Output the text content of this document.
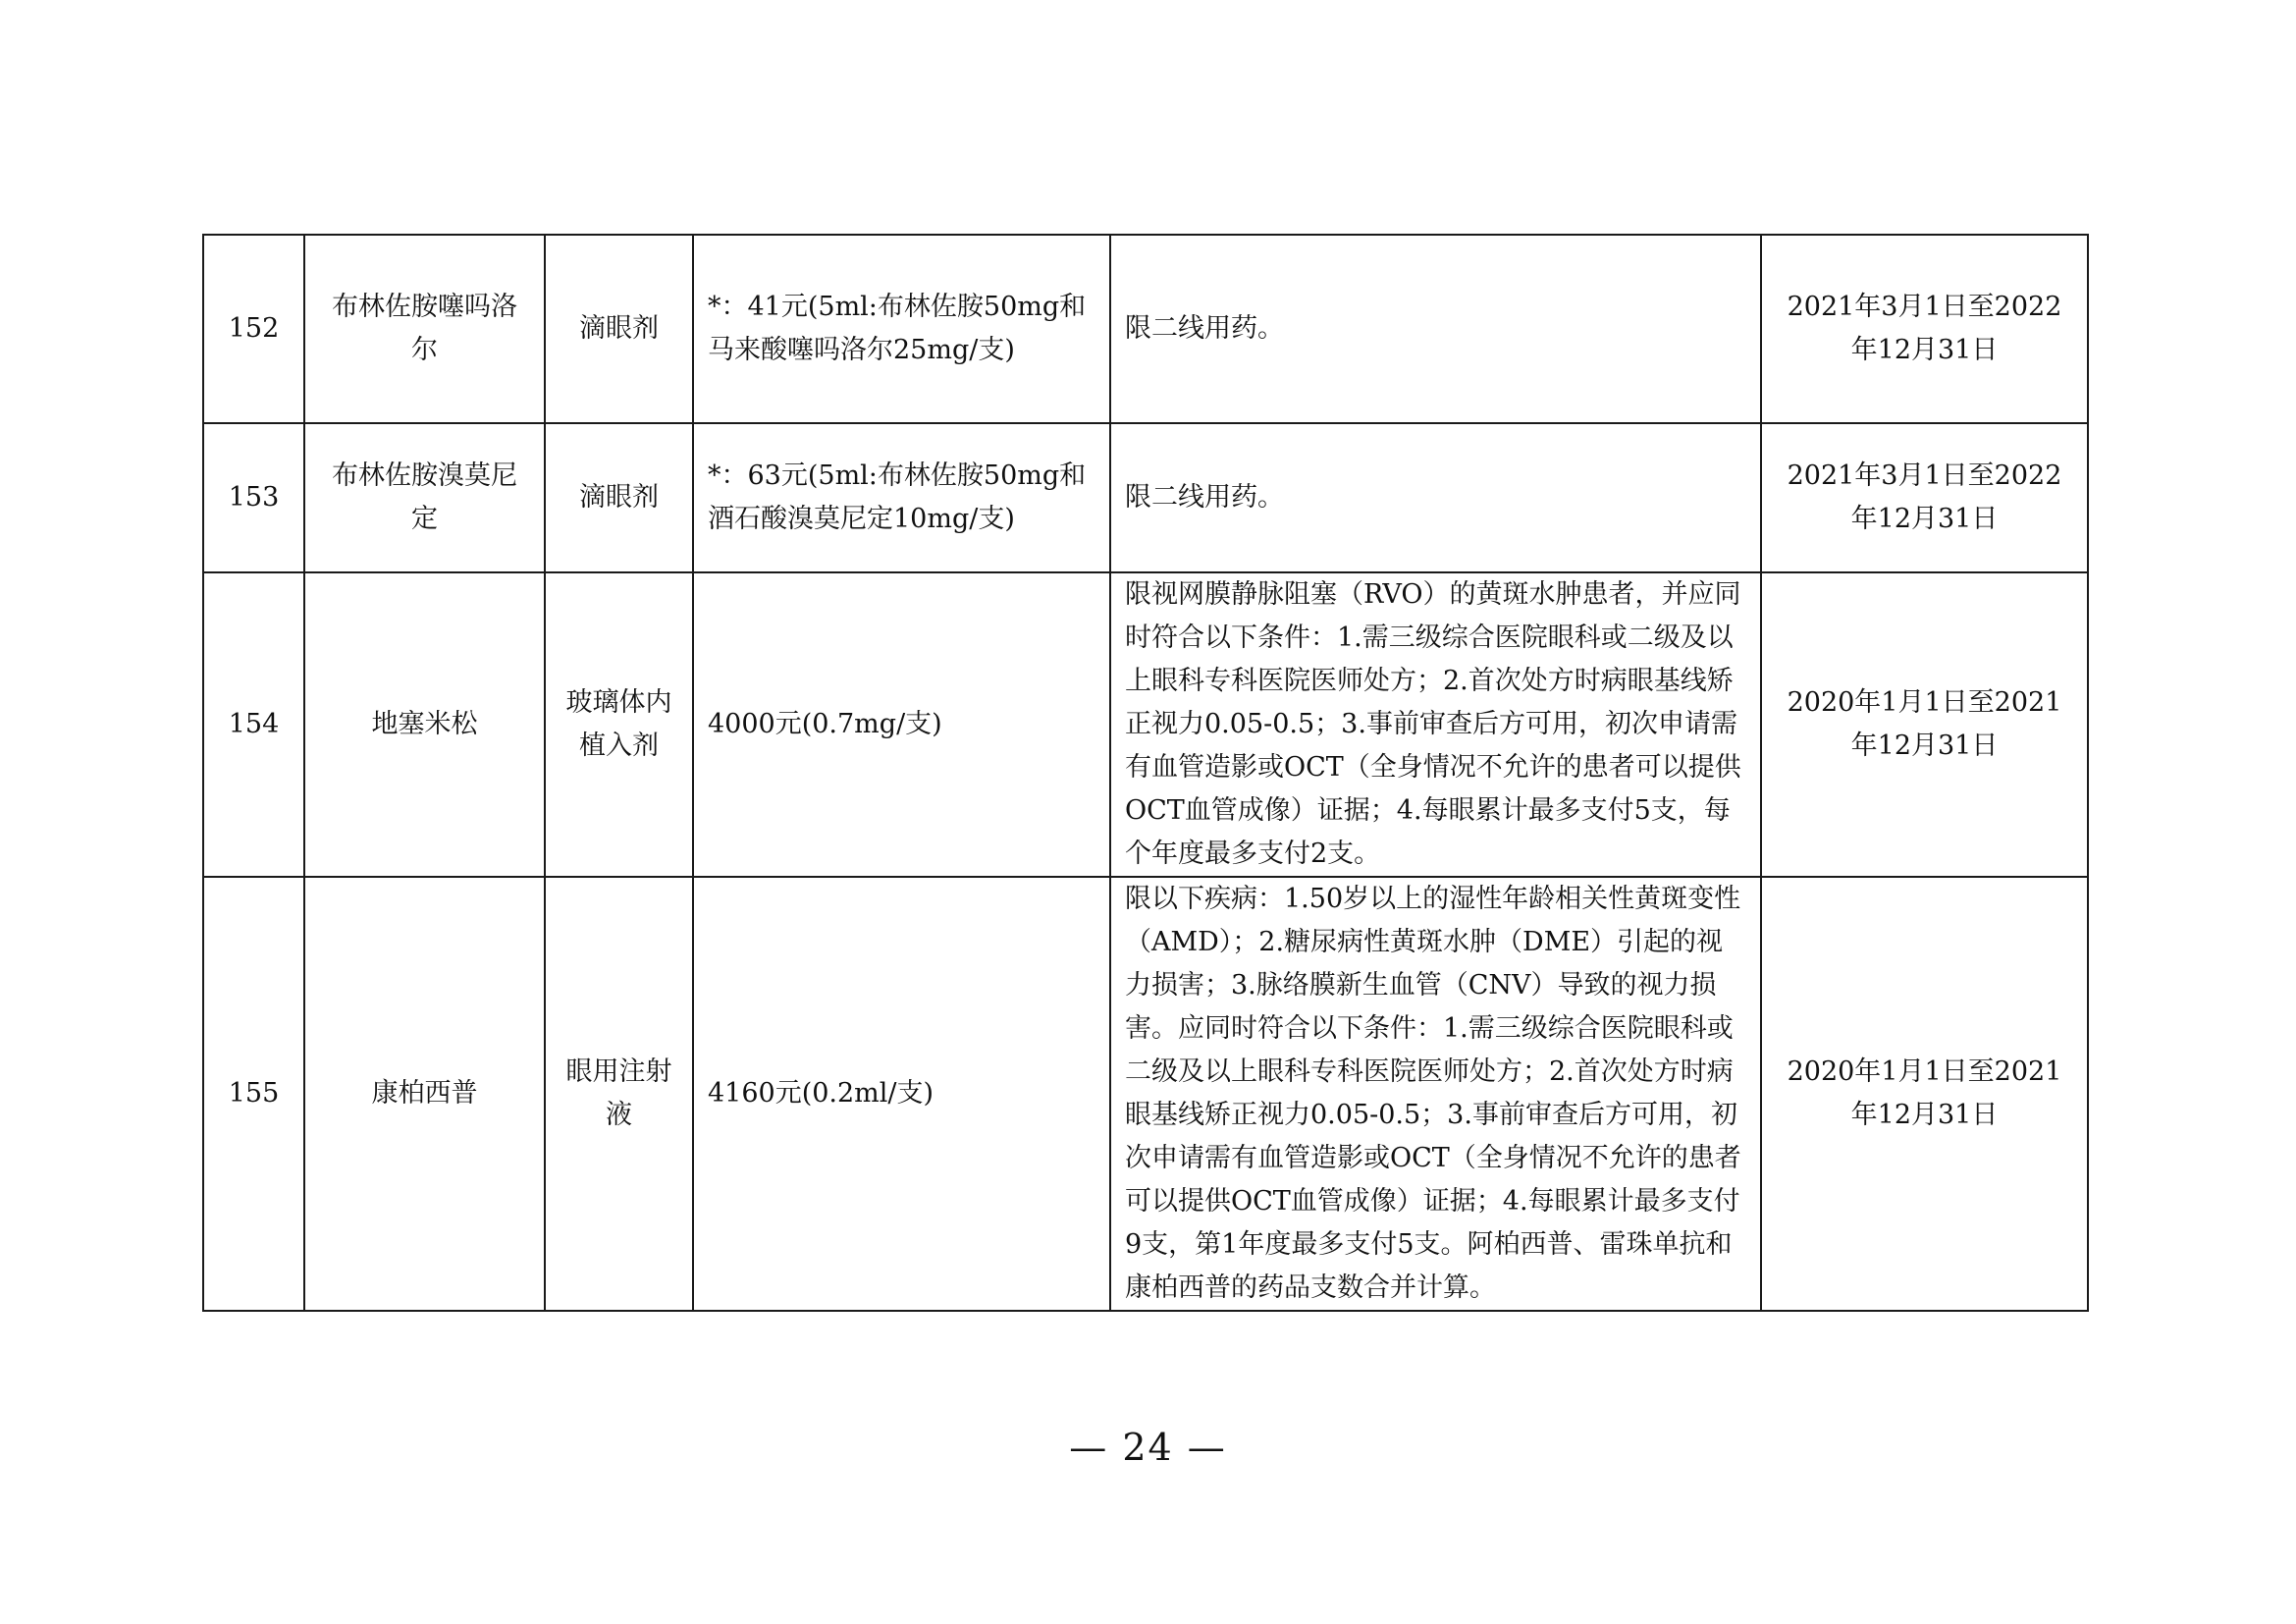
152	布林佐胺噻吗洛尔	滴眼剂	*：41元(5ml:布林佐胺50mg和马来酸噻吗洛尔25mg/支)	限二线用药。	2021年3月1日至2022年12月31日
153	布林佐胺溴莫尼定	滴眼剂	*：63元(5ml:布林佐胺50mg和酒石酸溴莫尼定10mg/支)	限二线用药。	2021年3月1日至2022年12月31日
154	地塞米松	玻璃体内植入剂	4000元(0.7mg/支)	限视网膜静脉阻塞（RVO）的黄斑水肿患者，并应同时符合以下条件：1.需三级综合医院眼科或二级及以上眼科专科医院医师处方；2.首次处方时病眼基线矫正视力0.05-0.5；3.事前审查后方可用，初次申请需有血管造影或OCT（全身情况不允许的患者可以提供OCT血管成像）证据；4.每眼累计最多支付5支，每个年度最多支付2支。	2020年1月1日至2021年12月31日
155	康柏西普	眼用注射液	4160元(0.2ml/支)	限以下疾病：1.50岁以上的湿性年龄相关性黄斑变性（AMD）；2.糖尿病性黄斑水肿（DME）引起的视力损害；3.脉络膜新生血管（CNV）导致的视力损害。应同时符合以下条件：1.需三级综合医院眼科或二级及以上眼科专科医院医师处方；2.首次处方时病眼基线矫正视力0.05-0.5；3.事前审查后方可用，初次申请需有血管造影或OCT（全身情况不允许的患者可以提供OCT血管成像）证据；4.每眼累计最多支付9支，第1年度最多支付5支。阿柏西普、雷珠单抗和康柏西普的药品支数合并计算。	2020年1月1日至2021年12月31日
— 24 —
